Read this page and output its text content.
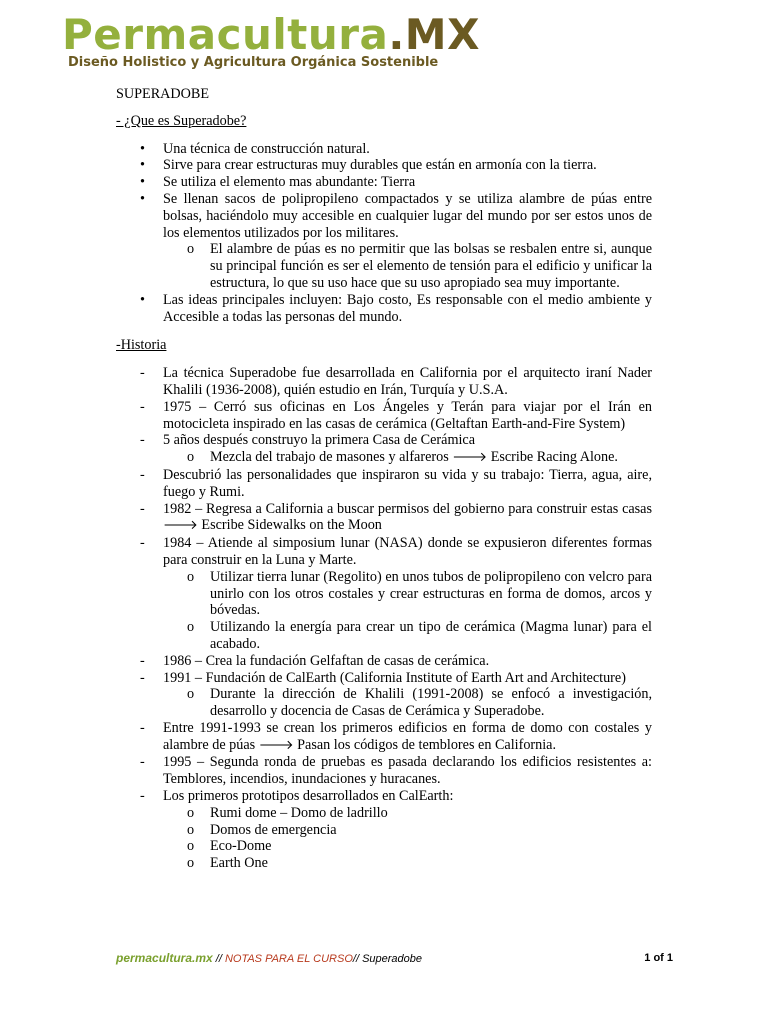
Permacultura.MX
Diseño Holistico y Agricultura Orgánica Sostenible
SUPERADOBE
- ¿Que es Superadobe?
• Una técnica de construcción natural.
• Sirve para crear estructuras muy durables que están en armonía con la tierra.
• Se utiliza el elemento mas abundante: Tierra
• Se llenan sacos de polipropileno compactados y se utiliza alambre de púas entre bolsas, haciéndolo muy accesible en cualquier lugar del mundo por ser estos unos de los elementos utilizados por los militares.
o El alambre de púas es no permitir que las bolsas se resbalen entre si, aunque su principal función es ser el elemento de tensión para el edificio y unificar la estructura, lo que su uso hace que su uso apropiado sea muy importante.
• Las ideas principales incluyen: Bajo costo, Es responsable con el medio ambiente y Accesible a todas las personas del mundo.
-Historia
- La técnica Superadobe fue desarrollada en California por el arquitecto iraní Nader Khalili (1936-2008), quién estudio en Irán, Turquía y U.S.A.
- 1975 – Cerró sus oficinas en Los Ángeles y Terán para viajar por el Irán en motocicleta inspirado en las casas de cerámica (Geltaftan Earth-and-Fire System)
- 5 años después construyo la primera Casa de Cerámica
o Mezcla del trabajo de masones y alfareros 🡒 Escribe Racing Alone.
- Descubrió las personalidades que inspiraron su vida y su trabajo: Tierra, agua, aire, fuego y Rumi.
- 1982 – Regresa a California a buscar permisos del gobierno para construir estas casas 🡒 Escribe Sidewalks on the Moon
- 1984 – Atiende al simposium lunar (NASA) donde se expusieron diferentes formas para construir en la Luna y Marte.
o Utilizar tierra lunar (Regolito) en unos tubos de polipropileno con velcro para unirlo con los otros costales y crear estructuras en forma de domos, arcos y bóvedas.
o Utilizando la energía para crear un tipo de cerámica (Magma lunar) para el acabado.
- 1986 – Crea la fundación Gelfaftan de casas de cerámica.
- 1991 – Fundación de CalEarth (California Institute of Earth Art and Architecture)
o Durante la dirección de Khalili (1991-2008) se enfocó a investigación, desarrollo y docencia de Casas de Cerámica y Superadobe.
- Entre 1991-1993 se crean los primeros edificios en forma de domo con costales y alambre de púas 🡒 Pasan los códigos de temblores en California.
- 1995 – Segunda ronda de pruebas es pasada declarando los edificios resistentes a: Temblores, incendios, inundaciones y huracanes.
- Los primeros prototipos desarrollados en CalEarth:
o Rumi dome – Domo de ladrillo
o Domos de emergencia
o Eco-Dome
o Earth One
permacultura.mx // NOTAS PARA EL CURSO// Superadobe	1 of 1
